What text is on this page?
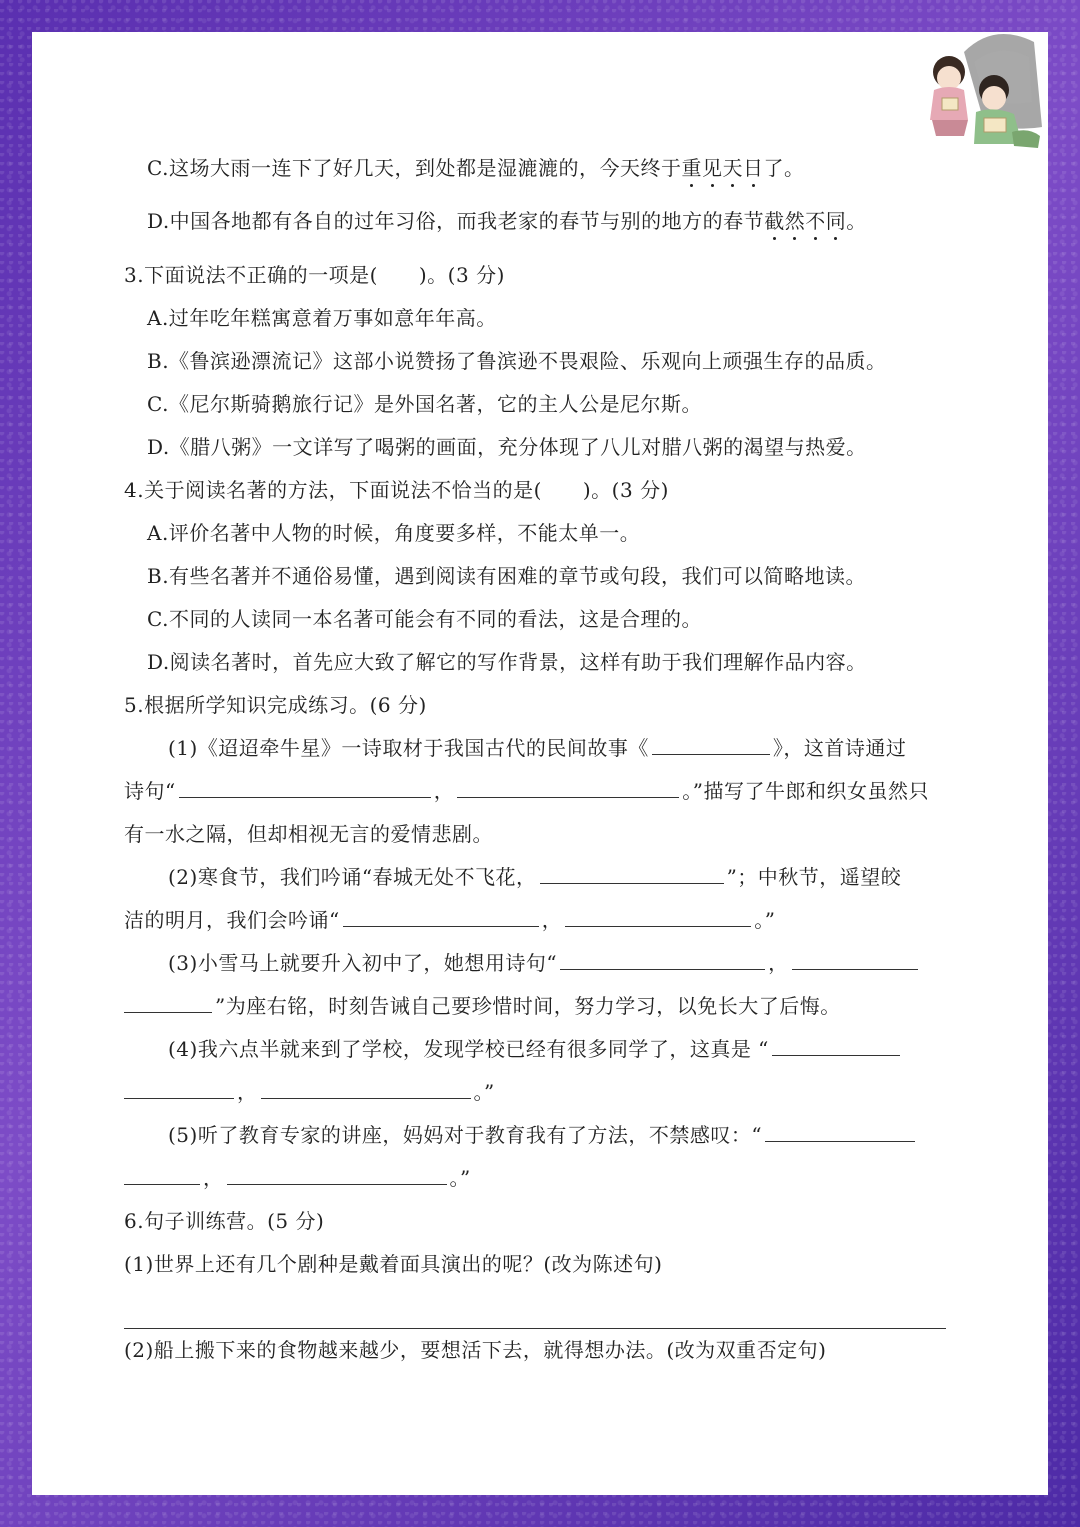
C.这场大雨一连下了好几天，到处都是湿漉漉的，今天终于重见天日了。
D.中国各地都有各自的过年习俗，而我老家的春节与别的地方的春节截然不同。
3.下面说法不正确的一项是(　　)。(3 分)
A.过年吃年糕寓意着万事如意年年高。
B.《鲁滨逊漂流记》这部小说赞扬了鲁滨逊不畏艰险、乐观向上顽强生存的品质。
C.《尼尔斯骑鹅旅行记》是外国名著，它的主人公是尼尔斯。
D.《腊八粥》一文详写了喝粥的画面，充分体现了八儿对腊八粥的渴望与热爱。
4.关于阅读名著的方法，下面说法不恰当的是(　　)。(3 分)
A.评价名著中人物的时候，角度要多样，不能太单一。
B.有些名著并不通俗易懂，遇到阅读有困难的章节或句段，我们可以简略地读。
C.不同的人读同一本名著可能会有不同的看法，这是合理的。
D.阅读名著时，首先应大致了解它的写作背景，这样有助于我们理解作品内容。
5.根据所学知识完成练习。(6 分)
(1)《迢迢牵牛星》一诗取材于我国古代的民间故事《	》，这首诗通过
诗句“	，	。”描写了牛郎和织女虽然只
有一水之隔，但却相视无言的爱情悲剧。
(2)寒食节，我们吟诵“春城无处不飞花，	”；中秋节，遥望皎
洁的明月，我们会吟诵“	，	。”
(3)小雪马上就要升入初中了，她想用诗句“	，
”为座右铭，时刻告诫自己要珍惜时间，努力学习，以免长大了后悔。
(4)我六点半就来到了学校，发现学校已经有很多同学了，这真是 “
，	。”
(5)听了教育专家的讲座，妈妈对于教育我有了方法，不禁感叹：“
，	。”
6.句子训练营。(5 分)
(1)世界上还有几个剧种是戴着面具演出的呢？(改为陈述句)
(2)船上搬下来的食物越来越少，要想活下去，就得想办法。(改为双重否定句)
